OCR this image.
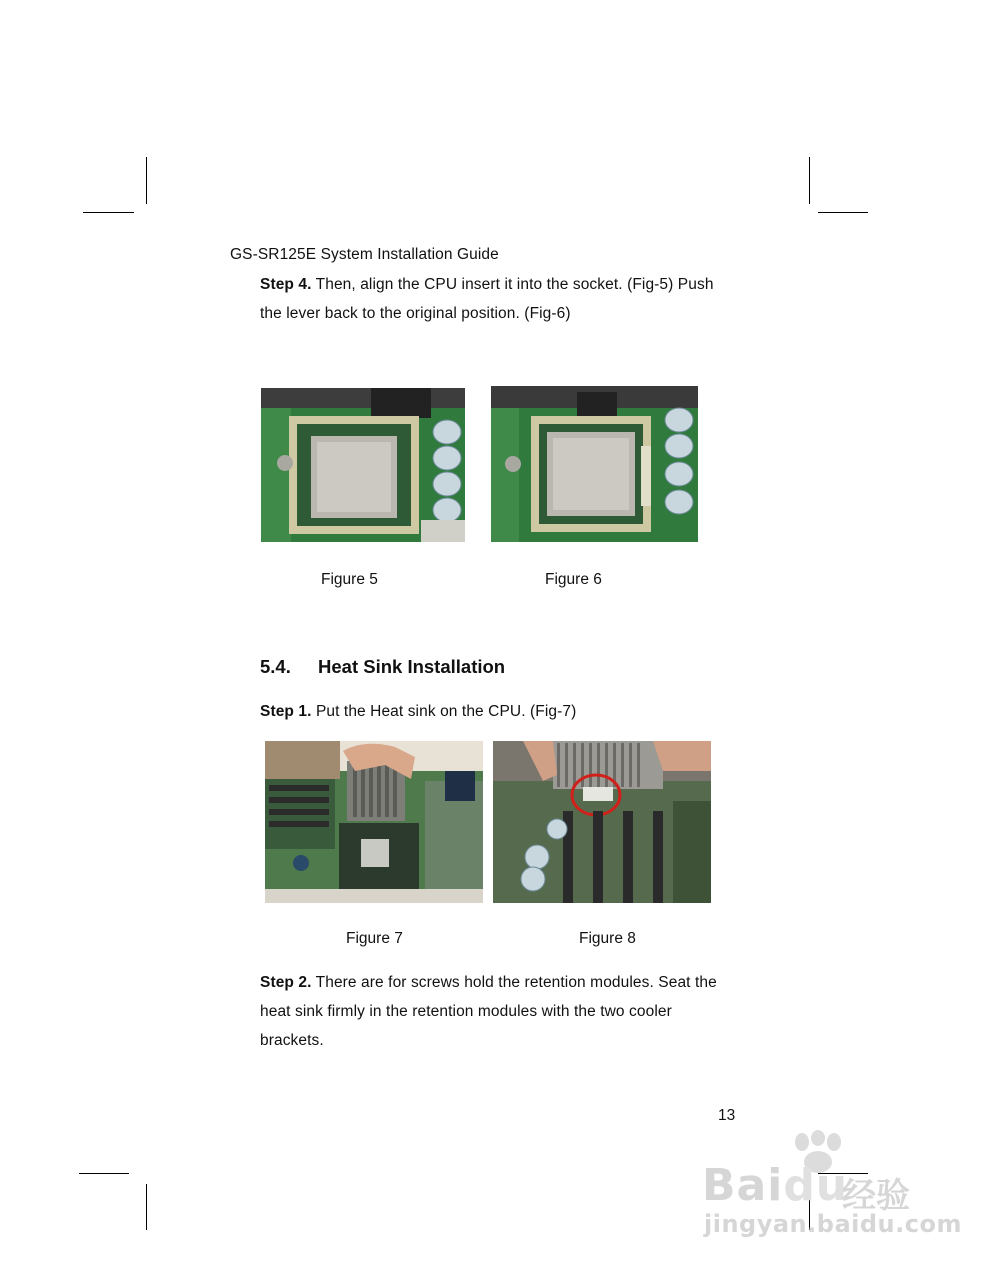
GS-SR125E System Installation Guide
Step 4. Then, align the CPU insert it into the socket. (Fig-5) Push
the lever back to the original position. (Fig-6)
Figure 5	Figure 6
5.4. Heat Sink Installation
Step 1. Put the Heat sink on the CPU. (Fig-7)
Figure 7	Figure 8
Step 2. There are for screws hold the retention modules. Seat the
heat sink firmly in the retention modules with the two cooler
brackets.
13
Baidu
经验
jingyan.baidu.com
